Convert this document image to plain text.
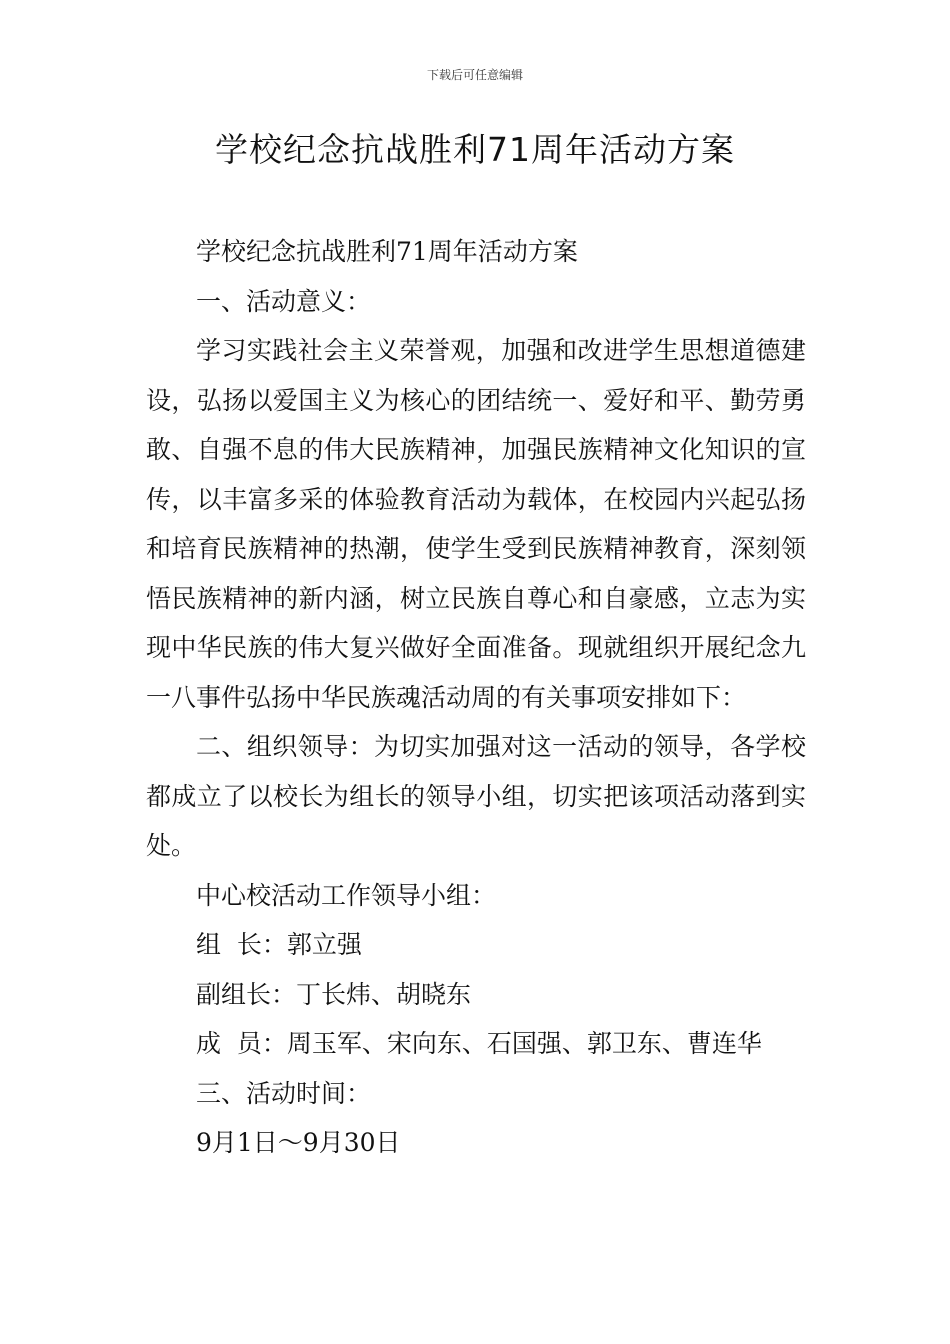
下载后可任意编辑
学校纪念抗战胜利71周年活动方案

学校纪念抗战胜利71周年活动方案

一、活动意义：

学习实践社会主义荣誉观，加强和改进学生思想道德建设，弘扬以爱国主义为核心的团结统一、爱好和平、勤劳勇敢、自强不息的伟大民族精神，加强民族精神文化知识的宣传，以丰富多采的体验教育活动为载体，在校园内兴起弘扬和培育民族精神的热潮，使学生受到民族精神教育，深刻领悟民族精神的新内涵，树立民族自尊心和自豪感，立志为实现中华民族的伟大复兴做好全面准备。现就组织开展纪念九一八事件弘扬中华民族魂活动周的有关事项安排如下：

二、组织领导：为切实加强对这一活动的领导，各学校都成立了以校长为组长的领导小组，切实把该项活动落到实处。

中心校活动工作领导小组：

组  长：郭立强

副组长：丁长炜、胡晓东

成  员：周玉军、宋向东、石国强、郭卫东、曹连华

三、活动时间：

9月1日～9月30日
